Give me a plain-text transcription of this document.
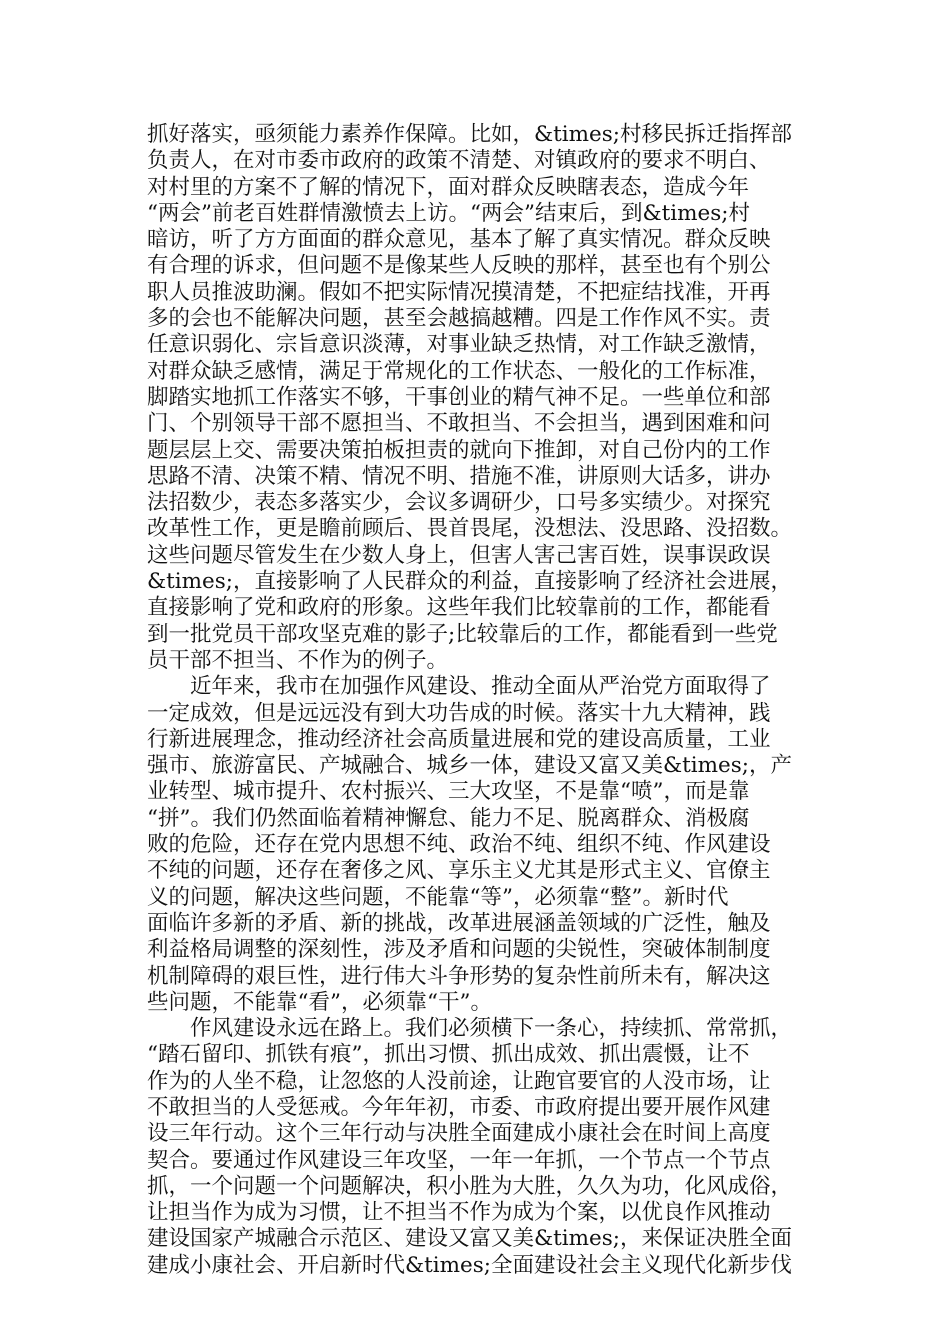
抓好落实，亟须能力素养作保障。比如，&times;村移民拆迁指挥部
负责人，在对市委市政府的政策不清楚、对镇政府的要求不明白、
对村里的方案不了解的情况下，面对群众反映瞎表态，造成今年
“两会”前老百姓群情激愤去上访。“两会”结束后，到&times;村
暗访，听了方方面面的群众意见，基本了解了真实情况。群众反映
有合理的诉求，但问题不是像某些人反映的那样，甚至也有个别公
职人员推波助澜。假如不把实际情况摸清楚，不把症结找准，开再
多的会也不能解决问题，甚至会越搞越糟。四是工作作风不实。责
任意识弱化、宗旨意识淡薄，对事业缺乏热情，对工作缺乏激情，
对群众缺乏感情，满足于常规化的工作状态、一般化的工作标准，
脚踏实地抓工作落实不够，干事创业的精气神不足。一些单位和部
门、个别领导干部不愿担当、不敢担当、不会担当，遇到困难和问
题层层上交、需要决策拍板担责的就向下推卸，对自己份内的工作
思路不清、决策不精、情况不明、措施不准，讲原则大话多，讲办
法招数少，表态多落实少，会议多调研少，口号多实绩少。对探究
改革性工作，更是瞻前顾后、畏首畏尾，没想法、没思路、没招数。
这些问题尽管发生在少数人身上，但害人害己害百姓，误事误政误
&times;，直接影响了人民群众的利益，直接影响了经济社会进展，
直接影响了党和政府的形象。这些年我们比较靠前的工作，都能看
到一批党员干部攻坚克难的影子;比较靠后的工作，都能看到一些党
员干部不担当、不作为的例子。
近年来，我市在加强作风建设、推动全面从严治党方面取得了
一定成效，但是远远没有到大功告成的时候。落实十九大精神，践
行新进展理念，推动经济社会高质量进展和党的建设高质量，工业
强市、旅游富民、产城融合、城乡一体，建设又富又美&times;，产
业转型、城市提升、农村振兴、三大攻坚，不是靠“喷”，而是靠
“拼”。我们仍然面临着精神懈怠、能力不足、脱离群众、消极腐
败的危险，还存在党内思想不纯、政治不纯、组织不纯、作风建设
不纯的问题，还存在奢侈之风、享乐主义尤其是形式主义、官僚主
义的问题，解决这些问题，不能靠“等”，必须靠“整”。新时代
面临许多新的矛盾、新的挑战，改革进展涵盖领域的广泛性，触及
利益格局调整的深刻性，涉及矛盾和问题的尖锐性，突破体制制度
机制障碍的艰巨性，进行伟大斗争形势的复杂性前所未有，解决这
些问题，不能靠“看”，必须靠“干”。
作风建设永远在路上。我们必须横下一条心，持续抓、常常抓，
“踏石留印、抓铁有痕”，抓出习惯、抓出成效、抓出震慑，让不
作为的人坐不稳，让忽悠的人没前途，让跑官要官的人没市场，让
不敢担当的人受惩戒。今年年初，市委、市政府提出要开展作风建
设三年行动。这个三年行动与决胜全面建成小康社会在时间上高度
契合。要通过作风建设三年攻坚，一年一年抓，一个节点一个节点
抓，一个问题一个问题解决，积小胜为大胜，久久为功，化风成俗，
让担当作为成为习惯，让不担当不作为成为个案，以优良作风推动
建设国家产城融合示范区、建设又富又美&times;，来保证决胜全面
建成小康社会、开启新时代&times;全面建设社会主义现代化新步伐
